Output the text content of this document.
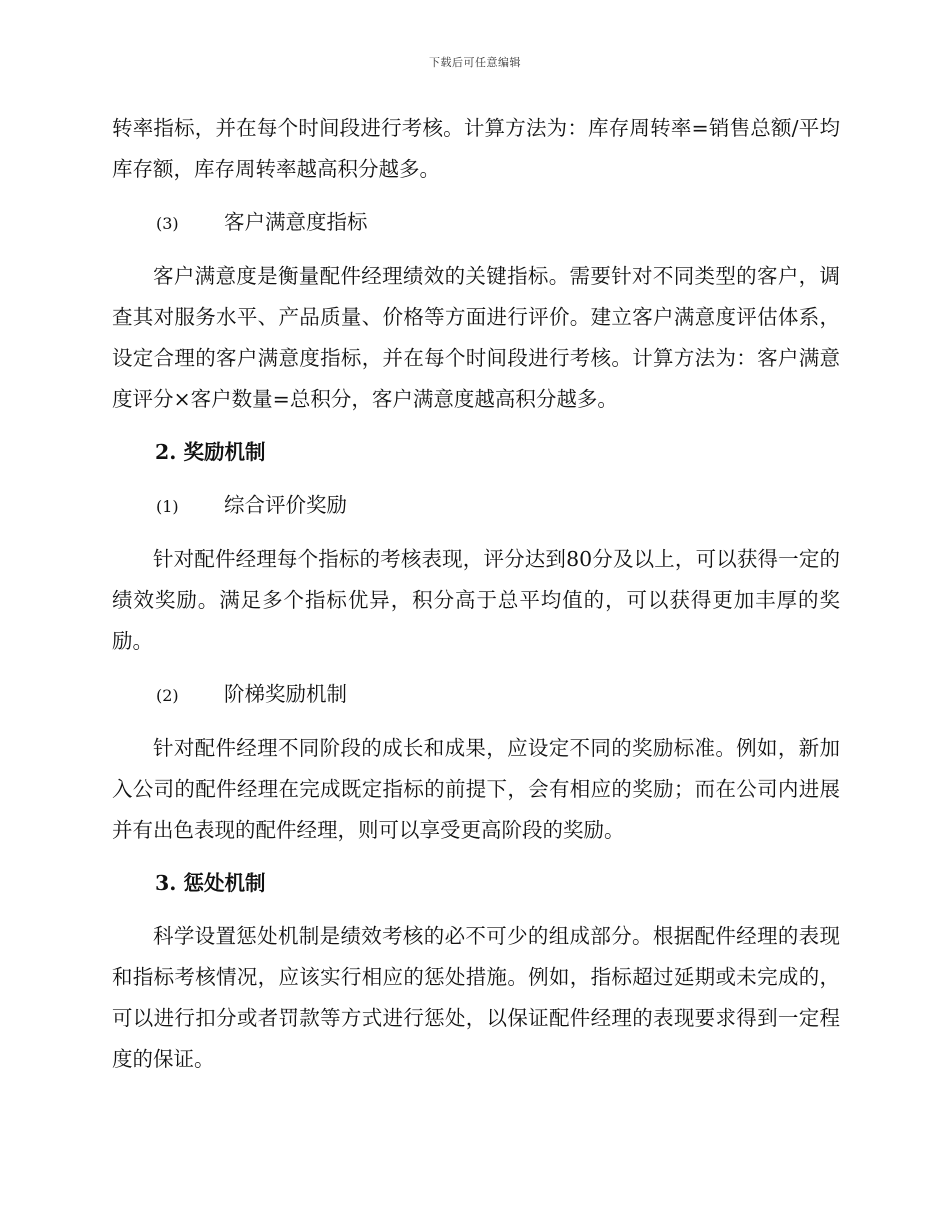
下载后可任意编辑

转率指标，并在每个时间段进行考核。计算方法为：库存周转率=销售总额/平均库存额，库存周转率越高积分越多。

(3) 客户满意度指标

客户满意度是衡量配件经理绩效的关键指标。需要针对不同类型的客户，调查其对服务水平、产品质量、价格等方面进行评价。建立客户满意度评估体系，设定合理的客户满意度指标，并在每个时间段进行考核。计算方法为：客户满意度评分×客户数量=总积分，客户满意度越高积分越多。

2. 奖励机制
(1) 综合评价奖励

针对配件经理每个指标的考核表现，评分达到80分及以上，可以获得一定的绩效奖励。满足多个指标优异，积分高于总平均值的，可以获得更加丰厚的奖励。

(2) 阶梯奖励机制

针对配件经理不同阶段的成长和成果，应设定不同的奖励标准。例如，新加入公司的配件经理在完成既定指标的前提下，会有相应的奖励；而在公司内进展并有出色表现的配件经理，则可以享受更高阶段的奖励。

3. 惩处机制

科学设置惩处机制是绩效考核的必不可少的组成部分。根据配件经理的表现和指标考核情况，应该实行相应的惩处措施。例如，指标超过延期或未完成的，可以进行扣分或者罚款等方式进行惩处，以保证配件经理的表现要求得到一定程度的保证。
